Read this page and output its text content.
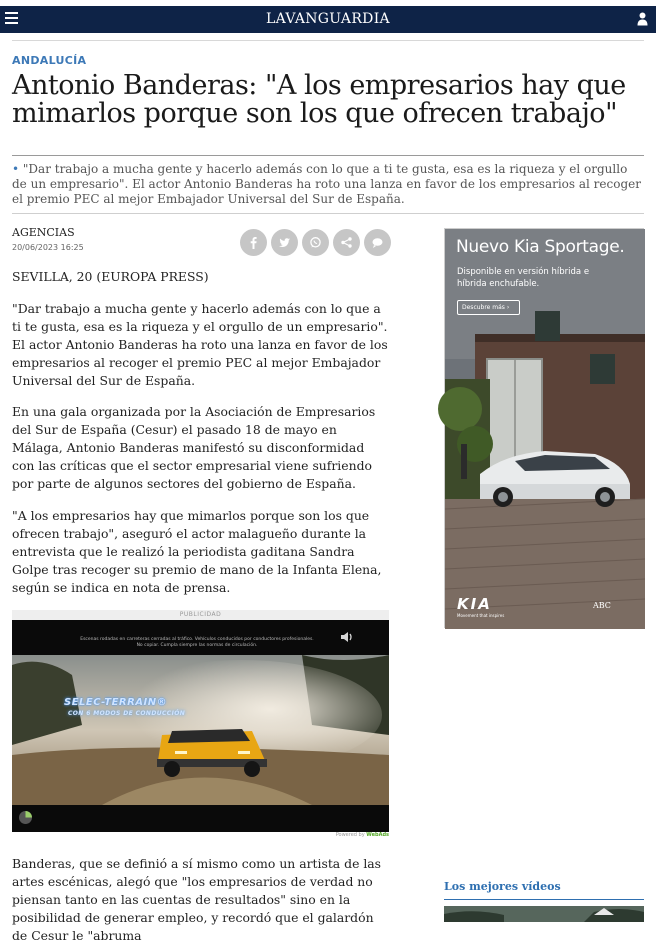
LAVANGUARDIA
ANDALUCÍA
Antonio Banderas: "A los empresarios hay que mimarlos porque son los que ofrecen trabajo"

• "Dar trabajo a mucha gente y hacerlo además con lo que a ti te gusta, esa es la riqueza y el orgullo de un empresario". El actor Antonio Banderas ha roto una lanza en favor de los empresarios al recoger el premio PEC al mejor Embajador Universal del Sur de España.

AGENCIAS
20/06/2023 16:25

SEVILLA, 20 (EUROPA PRESS)

"Dar trabajo a mucha gente y hacerlo además con lo que a ti te gusta, esa es la riqueza y el orgullo de un empresario". El actor Antonio Banderas ha roto una lanza en favor de los empresarios al recoger el premio PEC al mejor Embajador Universal del Sur de España.

En una gala organizada por la Asociación de Empresarios del Sur de España (Cesur) el pasado 18 de mayo en Málaga, Antonio Banderas manifestó su disconformidad con las críticas que el sector empresarial viene sufriendo por parte de algunos sectores del gobierno de España.

"A los empresarios hay que mimarlos porque son los que ofrecen trabajo", aseguró el actor malagueño durante la entrevista que le realizó la periodista gaditana Sandra Golpe tras recoger su premio de mano de la Infanta Elena, según se indica en nota de prensa.

PUBLICIDAD
Escenas rodadas en carreteras cerradas al tráfico. Vehículos conducidos por conductores profesionales.
No copiar. Cumpla siempre las normas de circulación.
SELEC-TERRAIN®
CON 6 MODOS DE CONDUCCIÓN
Powered by WebAds

Banderas, que se definió a sí mismo como un artista de las artes escénicas, alegó que "los empresarios de verdad no piensan tanto en las cuentas de resultados" sino en la posibilidad de generar empleo, y recordó que el galardón de Cesur le "abruma

Nuevo Kia Sportage.
Disponible en versión híbrida e híbrida enchufable.
Descubre más ›
KIA
Movement that inspires
ABC
Los mejores vídeos
